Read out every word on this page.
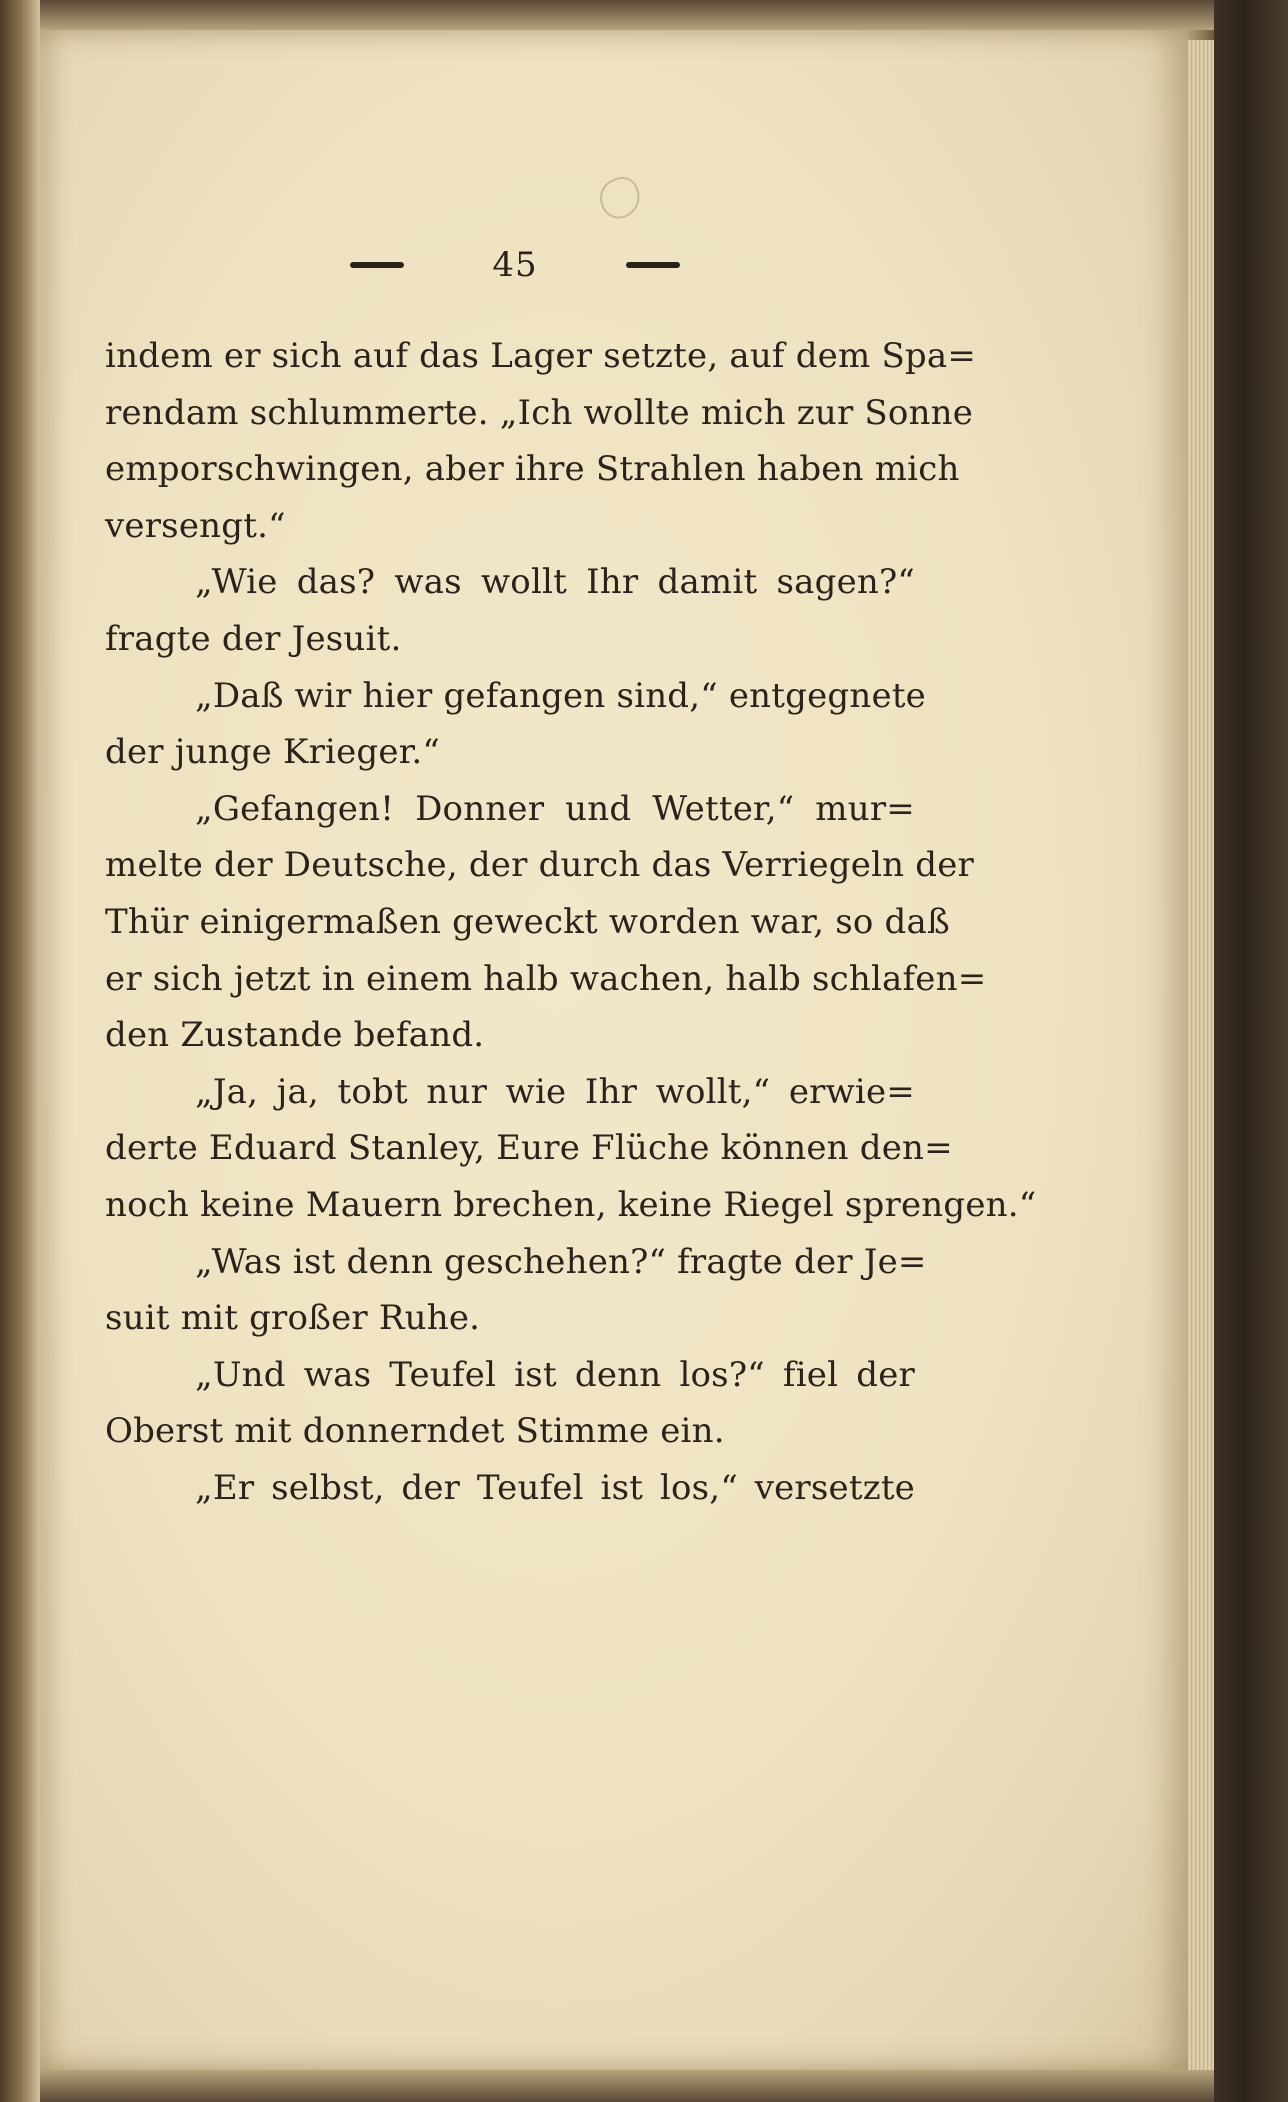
45
indem er sich auf das Lager setzte, auf dem Spa=
rendam schlummerte. „Ich wollte mich zur Sonne
emporschwingen, aber ihre Strahlen haben mich
versengt.“
„Wie das? was wollt Ihr damit sagen?“
fragte der Jesuit.
„Daß wir hier gefangen sind,“ entgegnete
der junge Krieger.“
„Gefangen! Donner und Wetter,“ mur=
melte der Deutsche, der durch das Verriegeln der
Thür einigermaßen geweckt worden war, so daß
er sich jetzt in einem halb wachen, halb schlafen=
den Zustande befand.
„Ja, ja, tobt nur wie Ihr wollt,“ erwie=
derte Eduard Stanley, Eure Flüche können den=
noch keine Mauern brechen, keine Riegel sprengen.“
„Was ist denn geschehen?“ fragte der Je=
suit mit großer Ruhe.
„Und was Teufel ist denn los?“ fiel der
Oberst mit donnerndet Stimme ein.
„Er selbst, der Teufel ist los,“ versetzte
